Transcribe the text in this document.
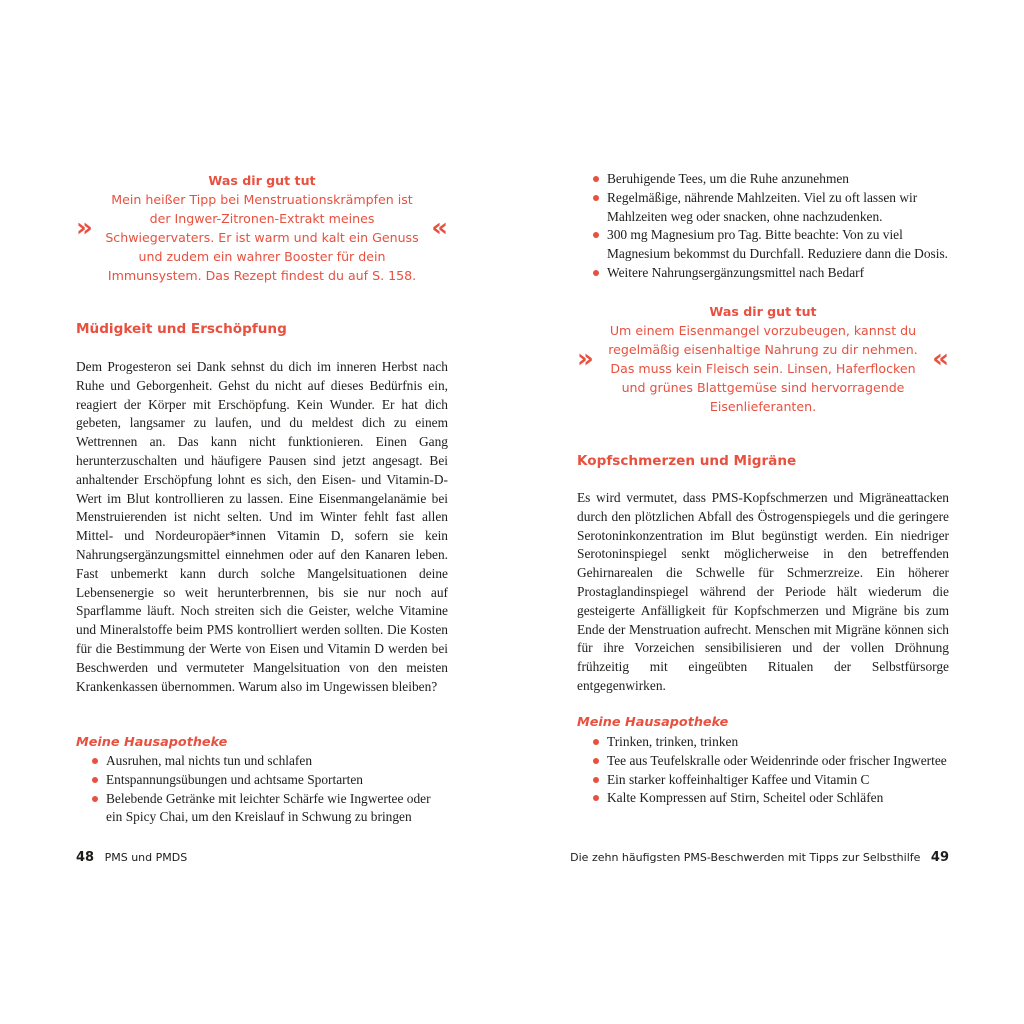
»
Was dir gut tut
Mein heißer Tipp bei Menstruationskrämpfen ist der Ingwer-Zitronen-Extrakt meines Schwiegervaters. Er ist warm und kalt ein Genuss und zudem ein wahrer Booster für dein Immunsystem. Das Rezept findest du auf S. 158.
«
Müdigkeit und Erschöpfung

Dem Progesteron sei Dank sehnst du dich im inneren Herbst nach Ruhe und Geborgenheit. Gehst du nicht auf dieses Bedürfnis ein, reagiert der Körper mit Erschöpfung. Kein Wunder. Er hat dich gebeten, langsamer zu laufen, und du meldest dich zu einem Wettrennen an. Das kann nicht funktionieren. Einen Gang herunterzuschalten und häufigere Pausen sind jetzt angesagt. Bei anhaltender Erschöpfung lohnt es sich, den Eisen- und Vitamin-D-Wert im Blut kontrollieren zu lassen. Eine Eisenmangelanämie bei Menstruierenden ist nicht selten. Und im Winter fehlt fast allen Mittel- und Nordeuropäer*innen Vitamin D, sofern sie kein Nahrungsergänzungsmittel einnehmen oder auf den Kanaren leben. Fast unbemerkt kann durch solche Mangelsituationen deine Lebensenergie so weit herunterbrennen, bis sie nur noch auf Sparflamme läuft. Noch streiten sich die Geister, welche Vitamine und Mineralstoffe beim PMS kontrolliert werden sollten. Die Kosten für die Bestimmung der Werte von Eisen und Vitamin D werden bei Beschwerden und vermuteter Mangelsituation von den meisten Krankenkassen übernommen. Warum also im Ungewissen bleiben?

Meine Hausapotheke
Ausruhen, mal nichts tun und schlafen
Entspannungsübungen und achtsame Sportarten
Belebende Getränke mit leichter Schärfe wie Ingwertee oder ein Spicy Chai, um den Kreislauf in Schwung zu bringen
48 PMS und PMDS
Beruhigende Tees, um die Ruhe anzunehmen
Regelmäßige, nährende Mahlzeiten. Viel zu oft lassen wir Mahlzeiten weg oder snacken, ohne nachzudenken.
300 mg Magnesium pro Tag. Bitte beachte: Von zu viel Magnesium bekommst du Durchfall. Reduziere dann die Dosis.
Weitere Nahrungsergänzungsmittel nach Bedarf
»
Was dir gut tut
Um einem Eisenmangel vorzubeugen, kannst du regelmäßig eisenhaltige Nahrung zu dir nehmen. Das muss kein Fleisch sein. Linsen, Haferflocken und grünes Blattgemüse sind hervorragende Eisenlieferanten.
«
Kopfschmerzen und Migräne

Es wird vermutet, dass PMS-Kopfschmerzen und Migräneattacken durch den plötzlichen Abfall des Östrogenspiegels und die geringere Serotoninkonzentration im Blut begünstigt werden. Ein niedriger Serotoninspiegel senkt möglicherweise in den betreffenden Gehirnarealen die Schwelle für Schmerzreize. Ein höherer Prostaglandinspiegel während der Periode hält wiederum die gesteigerte Anfälligkeit für Kopfschmerzen und Migräne bis zum Ende der Menstruation aufrecht. Menschen mit Migräne können sich für ihre Vorzeichen sensibilisieren und der vollen Dröhnung frühzeitig mit eingeübten Ritualen der Selbstfürsorge entgegenwirken.

Meine Hausapotheke
Trinken, trinken, trinken
Tee aus Teufelskralle oder Weidenrinde oder frischer Ingwertee
Ein starker koffeinhaltiger Kaffee und Vitamin C
Kalte Kompressen auf Stirn, Scheitel oder Schläfen
Die zehn häufigsten PMS-Beschwerden mit Tipps zur Selbsthilfe 49
